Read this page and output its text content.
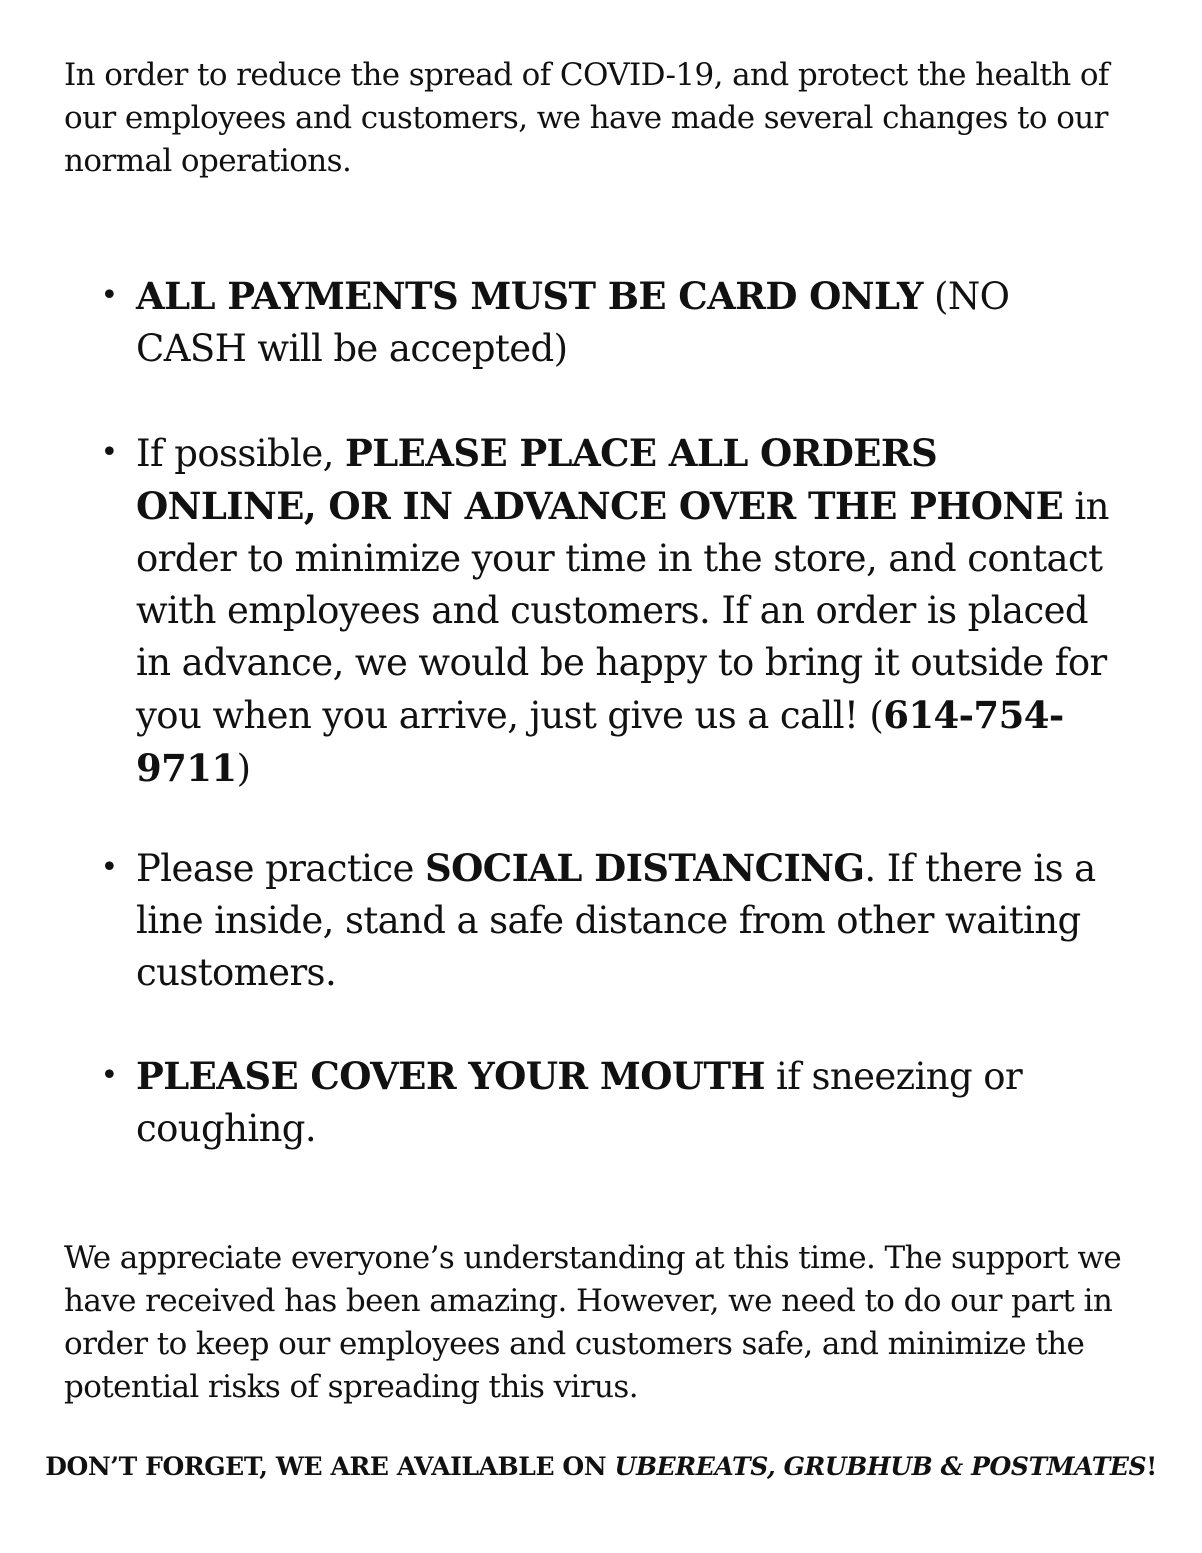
In order to reduce the spread of COVID-19, and protect the health of our employees and customers, we have made several changes to our normal operations.

• ALL PAYMENTS MUST BE CARD ONLY (NO CASH will be accepted)
• If possible, PLEASE PLACE ALL ORDERS ONLINE, OR IN ADVANCE OVER THE PHONE in order to minimize your time in the store, and contact with employees and customers. If an order is placed in advance, we would be happy to bring it outside for you when you arrive, just give us a call! (614-754-9711)
• Please practice SOCIAL DISTANCING. If there is a line inside, stand a safe distance from other waiting customers.
• PLEASE COVER YOUR MOUTH if sneezing or coughing.

We appreciate everyone’s understanding at this time. The support we have received has been amazing. However, we need to do our part in order to keep our employees and customers safe, and minimize the potential risks of spreading this virus.

DON’T FORGET, WE ARE AVAILABLE ON UBEREATS, GRUBHUB & POSTMATES!
